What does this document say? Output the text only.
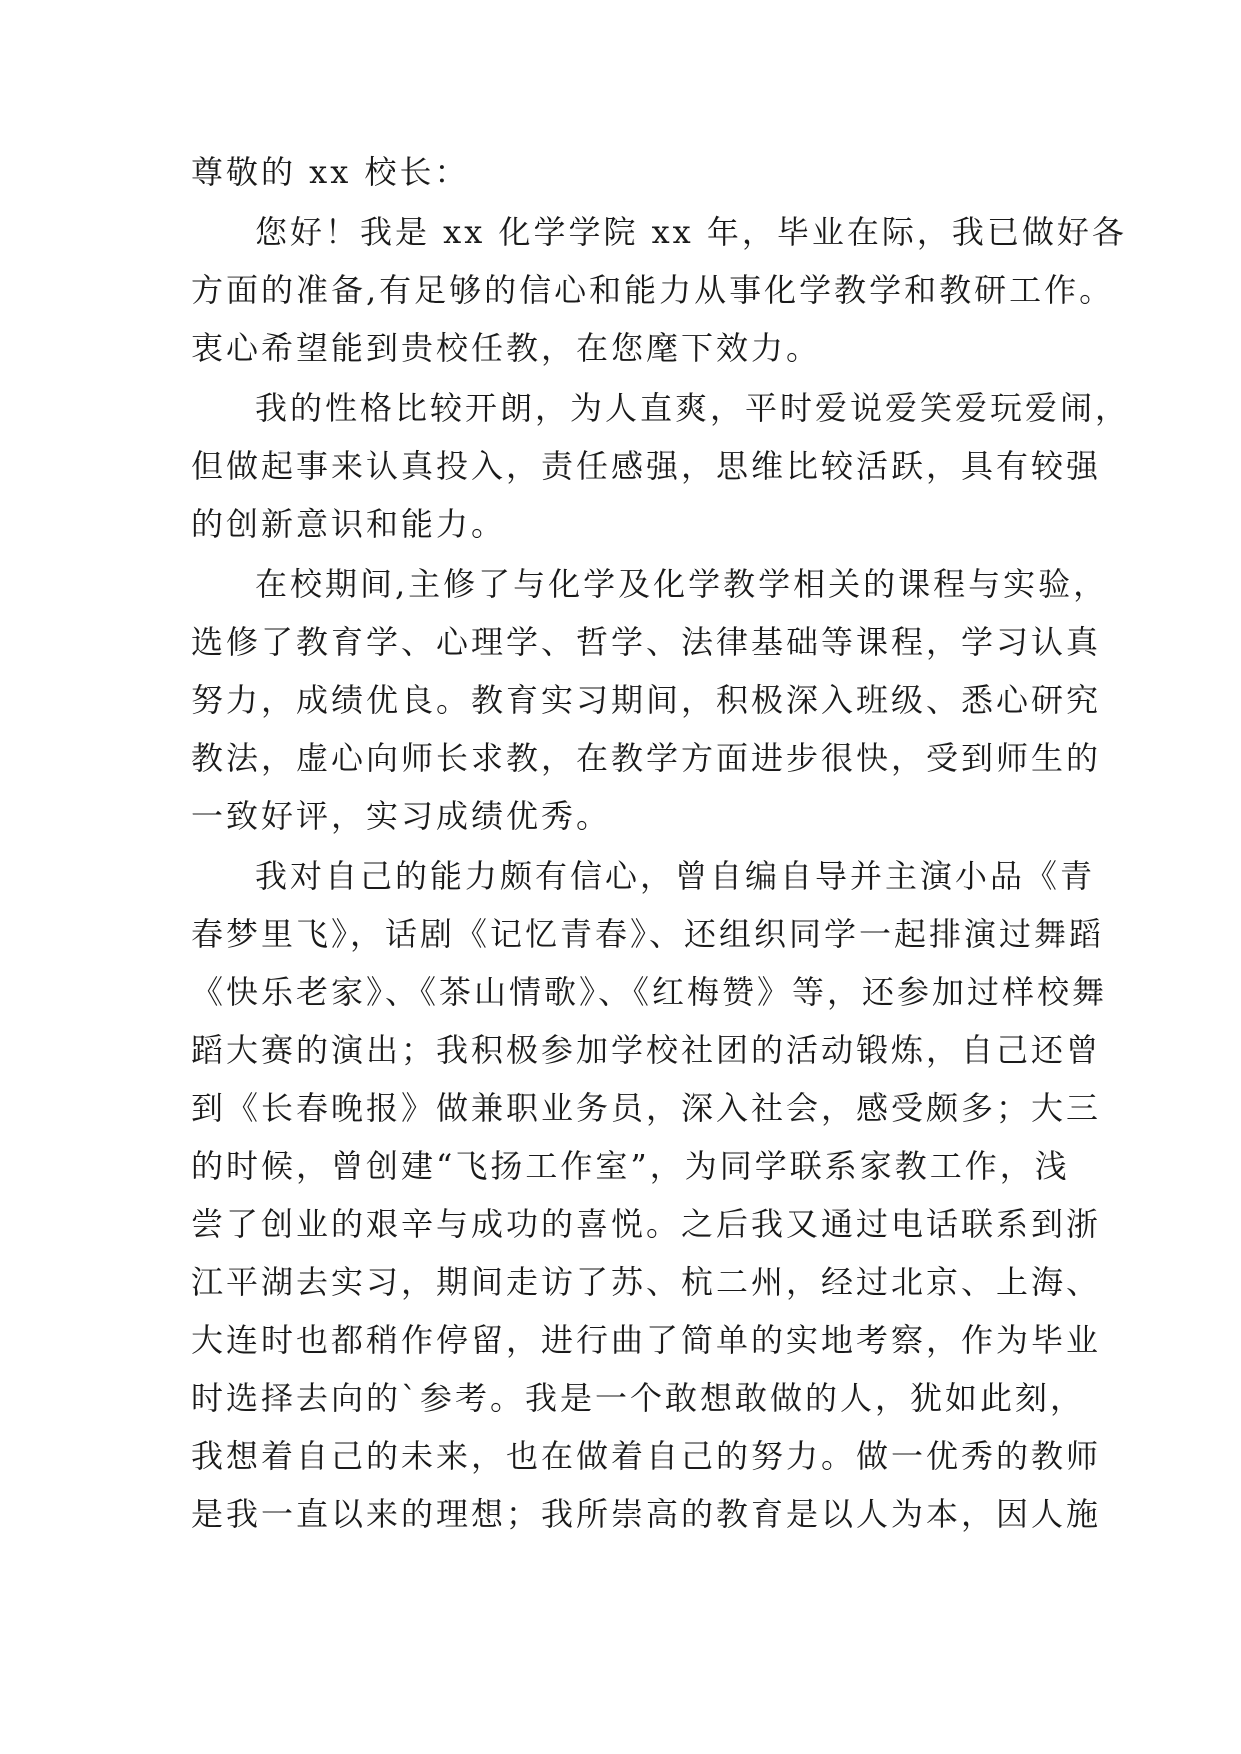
尊敬的 xx 校长：
您好！我是 xx 化学学院 xx 年，毕业在际，我已做好各
方面的准备,有足够的信心和能力从事化学教学和教研工作。
衷心希望能到贵校任教，在您麾下效力。
我的性格比较开朗，为人直爽，平时爱说爱笑爱玩爱闹，
但做起事来认真投入，责任感强，思维比较活跃，具有较强
的创新意识和能力。
在校期间,主修了与化学及化学教学相关的课程与实验，
选修了教育学、心理学、哲学、法律基础等课程，学习认真
努力，成绩优良。教育实习期间，积极深入班级、悉心研究
教法，虚心向师长求教，在教学方面进步很快，受到师生的
一致好评，实习成绩优秀。
我对自己的能力颇有信心，曾自编自导并主演小品《青
春梦里飞》，话剧《记忆青春》、还组织同学一起排演过舞蹈
《快乐老家》、《茶山情歌》、《红梅赞》等，还参加过样校舞
蹈大赛的演出；我积极参加学校社团的活动锻炼，自己还曾
到《长春晚报》做兼职业务员，深入社会，感受颇多；大三
的时候，曾创建“飞扬工作室”，为同学联系家教工作，浅
尝了创业的艰辛与成功的喜悦。之后我又通过电话联系到浙
江平湖去实习，期间走访了苏、杭二州，经过北京、上海、
大连时也都稍作停留，进行曲了简单的实地考察，作为毕业
时选择去向的`参考。我是一个敢想敢做的人，犹如此刻，
我想着自己的未来，也在做着自己的努力。做一优秀的教师
是我一直以来的理想；我所崇高的教育是以人为本，因人施
